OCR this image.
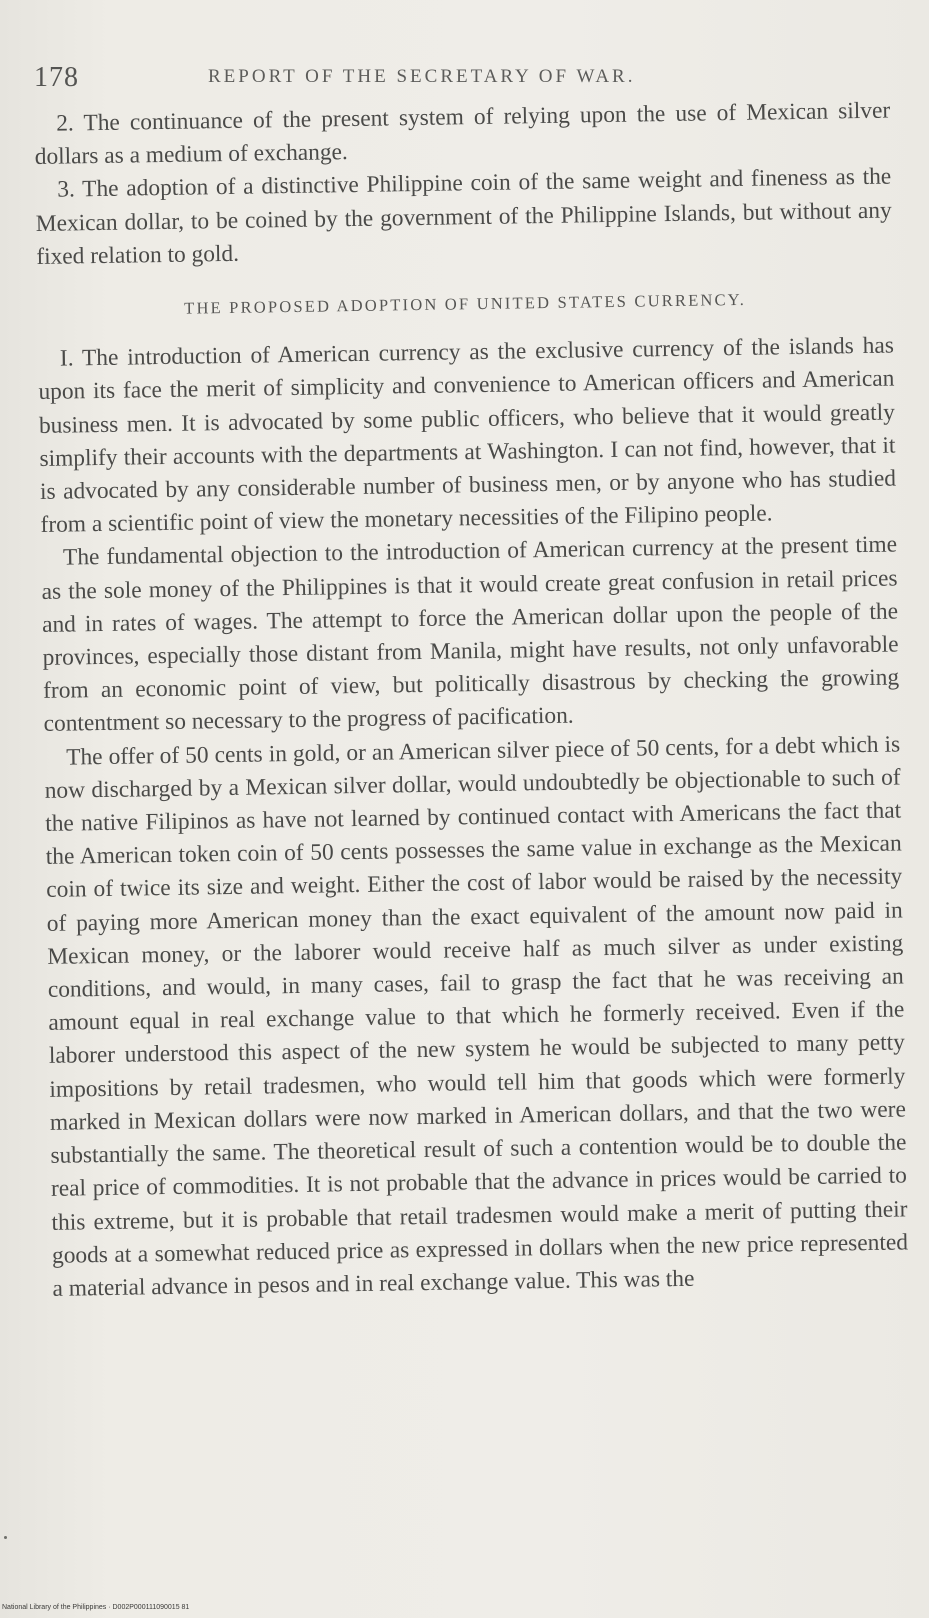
178	REPORT OF THE SECRETARY OF WAR.

2. The continuance of the present system of relying upon the use of Mexican silver dollars as a medium of exchange.

3. The adoption of a distinctive Philippine coin of the same weight and fineness as the Mexican dollar, to be coined by the government of the Philippine Islands, but without any fixed relation to gold.

THE PROPOSED ADOPTION OF UNITED STATES CURRENCY.

I. The introduction of American currency as the exclusive currency of the islands has upon its face the merit of simplicity and convenience to American officers and American business men. It is advocated by some public officers, who believe that it would greatly simplify their accounts with the departments at Washington. I can not find, however, that it is advocated by any considerable number of business men, or by anyone who has studied from a scientific point of view the monetary necessities of the Filipino people.

The fundamental objection to the introduction of American currency at the present time as the sole money of the Philippines is that it would create great confusion in retail prices and in rates of wages. The attempt to force the American dollar upon the people of the provinces, especially those distant from Manila, might have results, not only unfavorable from an economic point of view, but politically disastrous by checking the growing contentment so necessary to the progress of pacification.

The offer of 50 cents in gold, or an American silver piece of 50 cents, for a debt which is now discharged by a Mexican silver dollar, would undoubtedly be objectionable to such of the native Filipinos as have not learned by continued contact with Americans the fact that the American token coin of 50 cents possesses the same value in exchange as the Mexican coin of twice its size and weight. Either the cost of labor would be raised by the necessity of paying more American money than the exact equivalent of the amount now paid in Mexican money, or the laborer would receive half as much silver as under existing conditions, and would, in many cases, fail to grasp the fact that he was receiving an amount equal in real exchange value to that which he formerly received. Even if the laborer understood this aspect of the new system he would be subjected to many petty impositions by retail tradesmen, who would tell him that goods which were formerly marked in Mexican dollars were now marked in American dollars, and that the two were substantially the same. The theoretical result of such a contention would be to double the real price of commodities. It is not probable that the advance in prices would be carried to this extreme, but it is probable that retail tradesmen would make a merit of putting their goods at a somewhat reduced price as expressed in dollars when the new price represented a material advance in pesos and in real exchange value. This was the

National Library of the Philippines · D002P000111090015 81
